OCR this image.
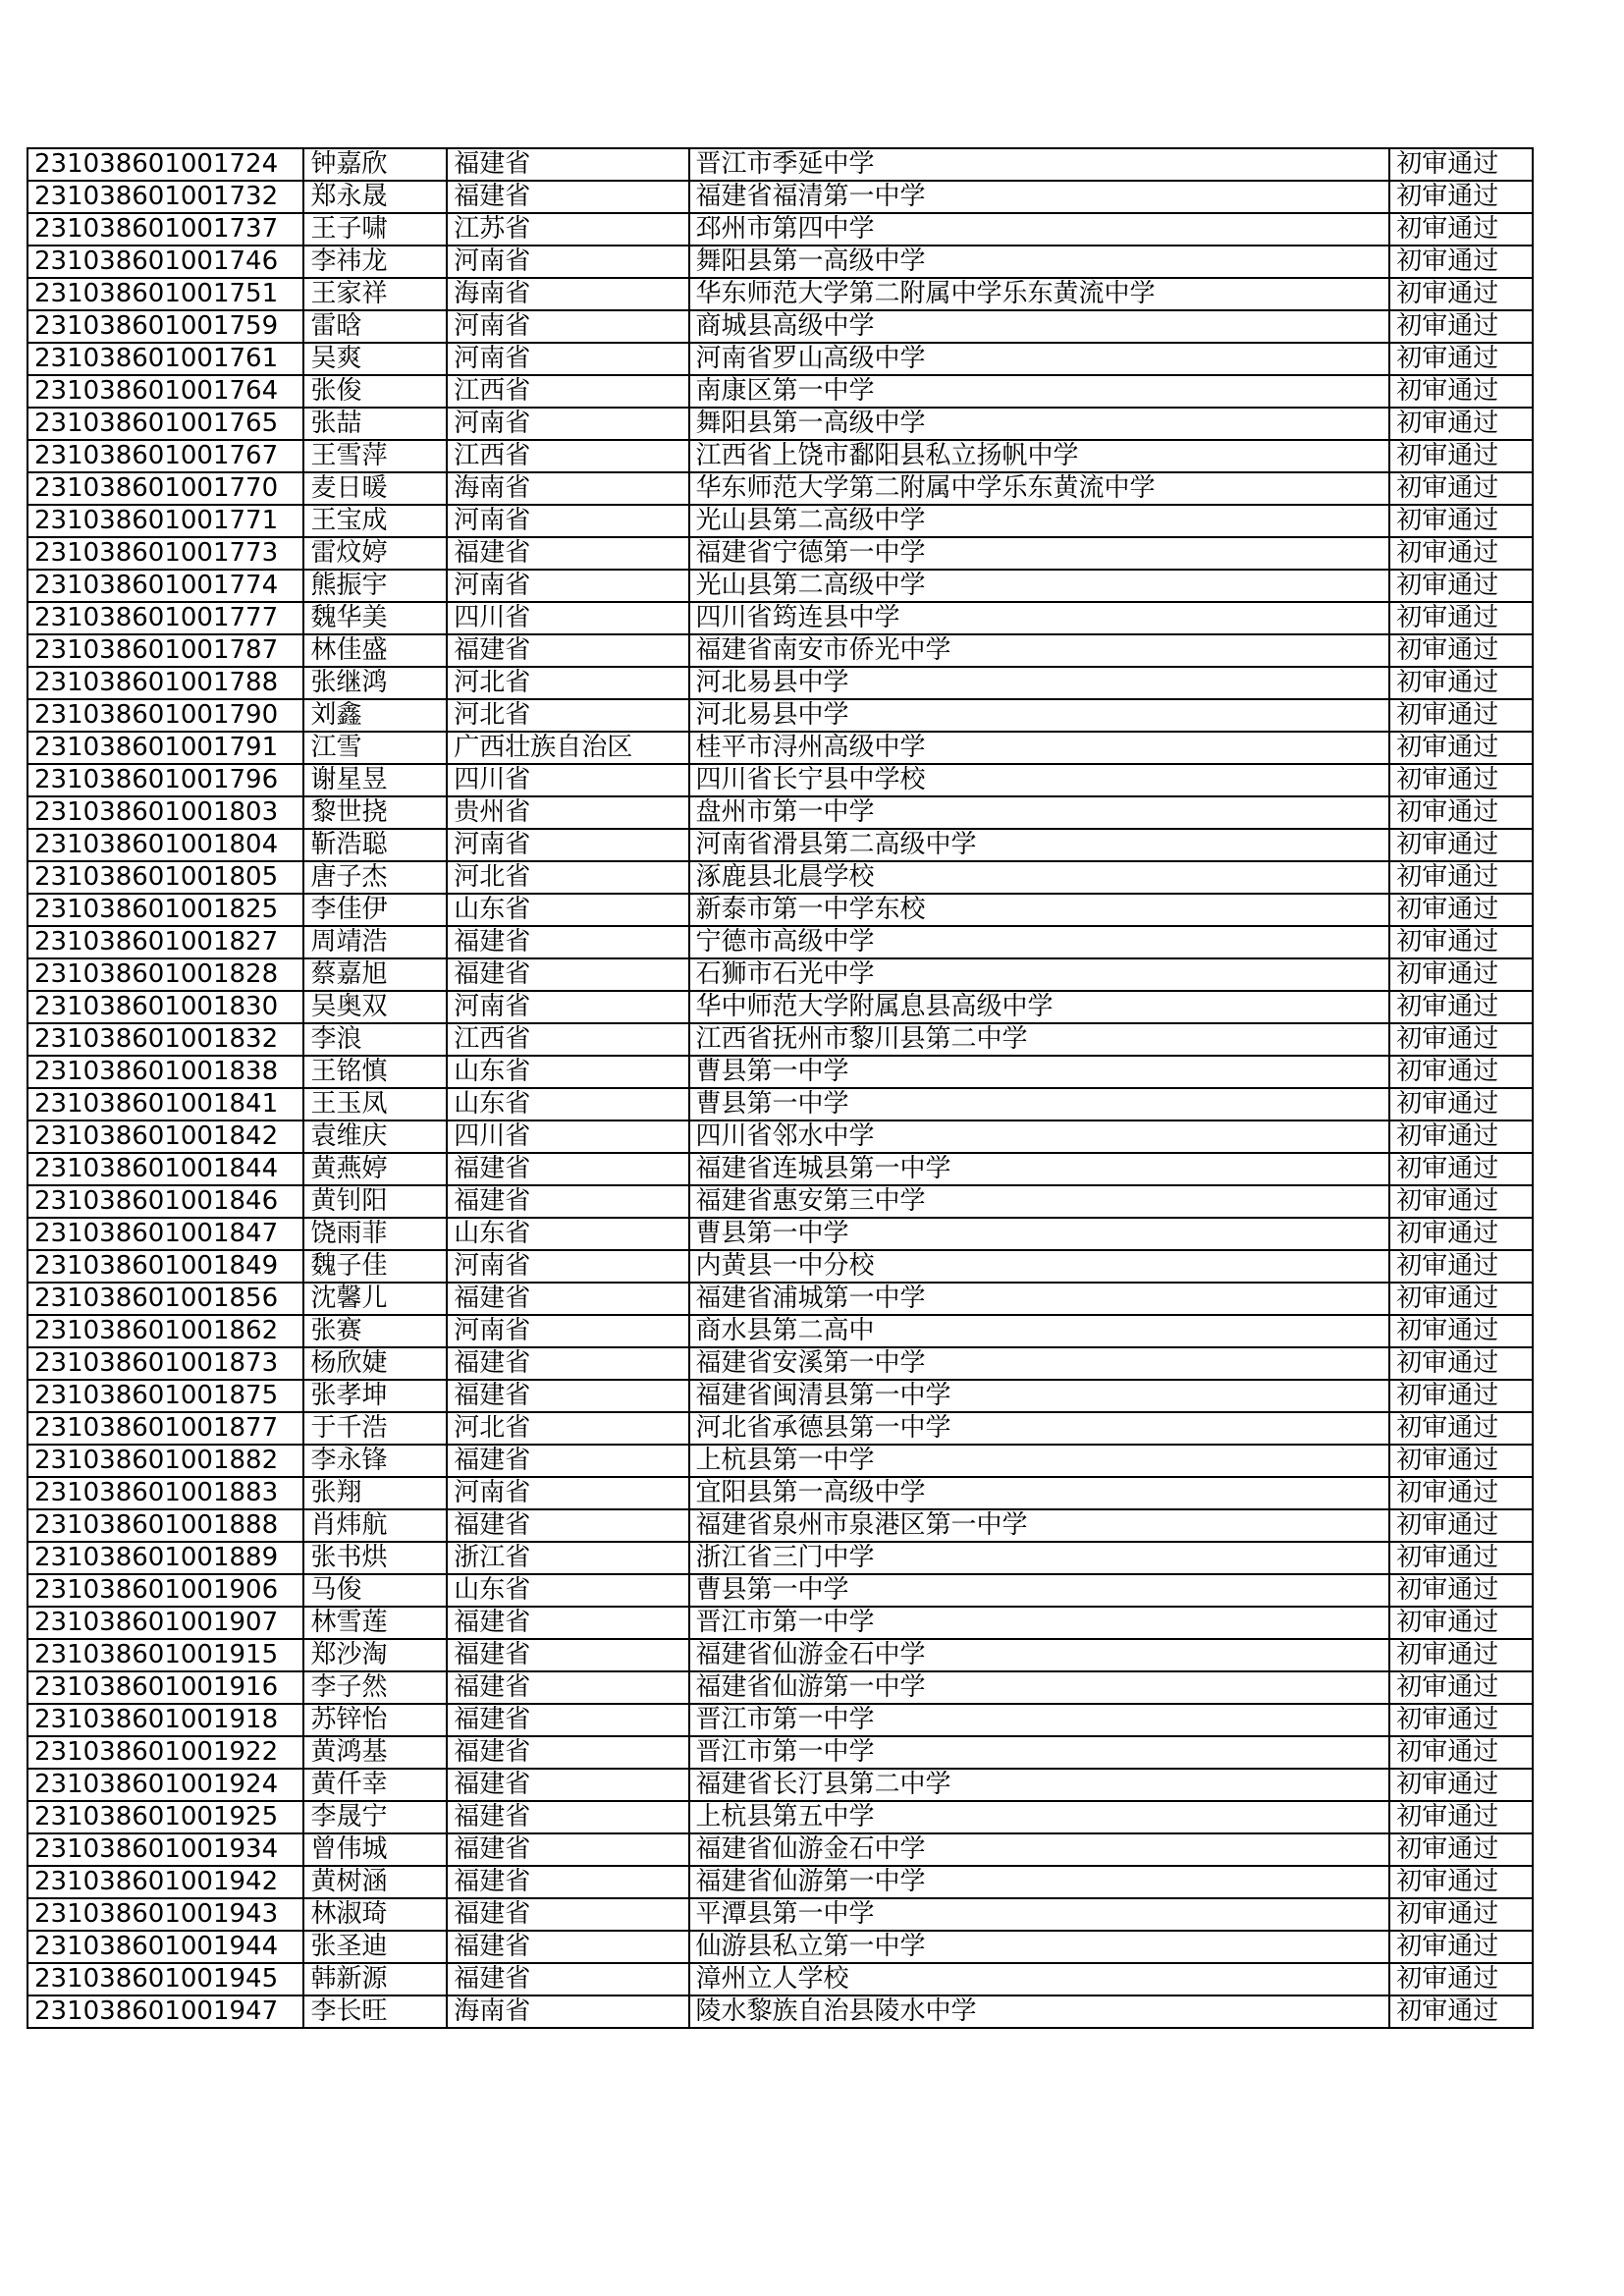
231038601001724	钟嘉欣	福建省	晋江市季延中学	初审通过
231038601001732	郑永晟	福建省	福建省福清第一中学	初审通过
231038601001737	王子啸	江苏省	邳州市第四中学	初审通过
231038601001746	李祎龙	河南省	舞阳县第一高级中学	初审通过
231038601001751	王家祥	海南省	华东师范大学第二附属中学乐东黄流中学	初审通过
231038601001759	雷晗	河南省	商城县高级中学	初审通过
231038601001761	吴爽	河南省	河南省罗山高级中学	初审通过
231038601001764	张俊	江西省	南康区第一中学	初审通过
231038601001765	张喆	河南省	舞阳县第一高级中学	初审通过
231038601001767	王雪萍	江西省	江西省上饶市鄱阳县私立扬帆中学	初审通过
231038601001770	麦日暖	海南省	华东师范大学第二附属中学乐东黄流中学	初审通过
231038601001771	王宝成	河南省	光山县第二高级中学	初审通过
231038601001773	雷炆婷	福建省	福建省宁德第一中学	初审通过
231038601001774	熊振宇	河南省	光山县第二高级中学	初审通过
231038601001777	魏华美	四川省	四川省筠连县中学	初审通过
231038601001787	林佳盛	福建省	福建省南安市侨光中学	初审通过
231038601001788	张继鸿	河北省	河北易县中学	初审通过
231038601001790	刘鑫	河北省	河北易县中学	初审通过
231038601001791	江雪	广西壮族自治区	桂平市浔州高级中学	初审通过
231038601001796	谢星昱	四川省	四川省长宁县中学校	初审通过
231038601001803	黎世挠	贵州省	盘州市第一中学	初审通过
231038601001804	靳浩聪	河南省	河南省滑县第二高级中学	初审通过
231038601001805	唐子杰	河北省	涿鹿县北晨学校	初审通过
231038601001825	李佳伊	山东省	新泰市第一中学东校	初审通过
231038601001827	周靖浩	福建省	宁德市高级中学	初审通过
231038601001828	蔡嘉旭	福建省	石狮市石光中学	初审通过
231038601001830	吴奥双	河南省	华中师范大学附属息县高级中学	初审通过
231038601001832	李浪	江西省	江西省抚州市黎川县第二中学	初审通过
231038601001838	王铭慎	山东省	曹县第一中学	初审通过
231038601001841	王玉凤	山东省	曹县第一中学	初审通过
231038601001842	袁维庆	四川省	四川省邻水中学	初审通过
231038601001844	黄燕婷	福建省	福建省连城县第一中学	初审通过
231038601001846	黄钊阳	福建省	福建省惠安第三中学	初审通过
231038601001847	饶雨菲	山东省	曹县第一中学	初审通过
231038601001849	魏子佳	河南省	内黄县一中分校	初审通过
231038601001856	沈馨儿	福建省	福建省浦城第一中学	初审通过
231038601001862	张赛	河南省	商水县第二高中	初审通过
231038601001873	杨欣婕	福建省	福建省安溪第一中学	初审通过
231038601001875	张孝坤	福建省	福建省闽清县第一中学	初审通过
231038601001877	于千浩	河北省	河北省承德县第一中学	初审通过
231038601001882	李永锋	福建省	上杭县第一中学	初审通过
231038601001883	张翔	河南省	宜阳县第一高级中学	初审通过
231038601001888	肖炜航	福建省	福建省泉州市泉港区第一中学	初审通过
231038601001889	张书烘	浙江省	浙江省三门中学	初审通过
231038601001906	马俊	山东省	曹县第一中学	初审通过
231038601001907	林雪莲	福建省	晋江市第一中学	初审通过
231038601001915	郑沙淘	福建省	福建省仙游金石中学	初审通过
231038601001916	李子然	福建省	福建省仙游第一中学	初审通过
231038601001918	苏锌怡	福建省	晋江市第一中学	初审通过
231038601001922	黄鸿基	福建省	晋江市第一中学	初审通过
231038601001924	黄仟幸	福建省	福建省长汀县第二中学	初审通过
231038601001925	李晟宁	福建省	上杭县第五中学	初审通过
231038601001934	曾伟城	福建省	福建省仙游金石中学	初审通过
231038601001942	黄树涵	福建省	福建省仙游第一中学	初审通过
231038601001943	林淑琦	福建省	平潭县第一中学	初审通过
231038601001944	张圣迪	福建省	仙游县私立第一中学	初审通过
231038601001945	韩新源	福建省	漳州立人学校	初审通过
231038601001947	李长旺	海南省	陵水黎族自治县陵水中学	初审通过
